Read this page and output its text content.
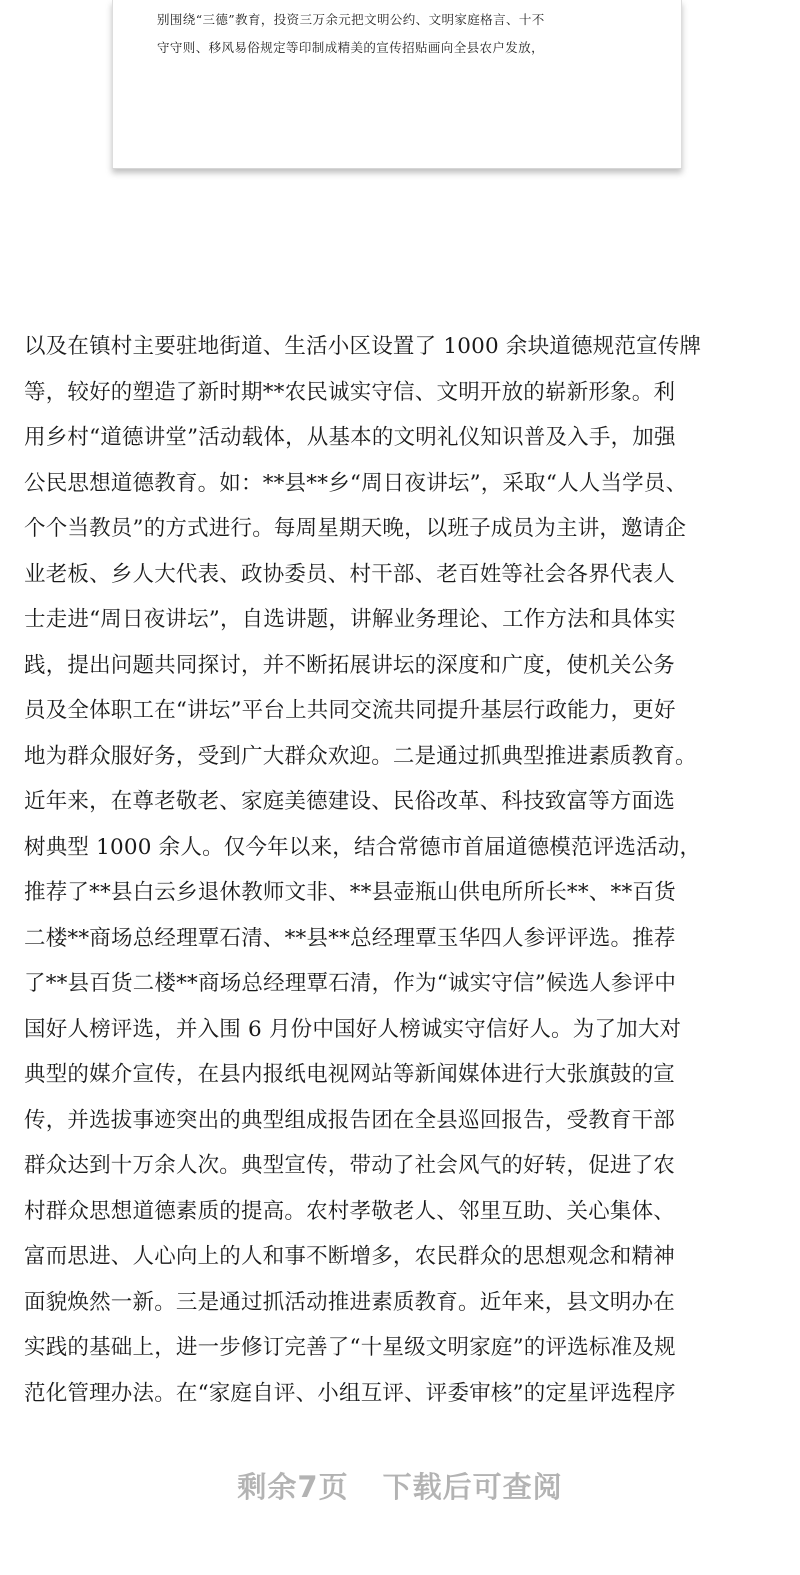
别围绕“三德”教育，投资三万余元把文明公约、文明家庭格言、十不
守守则、移风易俗规定等印制成精美的宣传招贴画向全县农户发放，
以及在镇村主要驻地街道、生活小区设置了 1000 余块道德规范宣传牌
等，较好的塑造了新时期**农民诚实守信、文明开放的崭新形象。利
用乡村“道德讲堂”活动载体，从基本的文明礼仪知识普及入手，加强
公民思想道德教育。如：**县**乡“周日夜讲坛”，采取“人人当学员、
个个当教员”的方式进行。每周星期天晚，以班子成员为主讲，邀请企
业老板、乡人大代表、政协委员、村干部、老百姓等社会各界代表人
士走进“周日夜讲坛”，自选讲题，讲解业务理论、工作方法和具体实
践，提出问题共同探讨，并不断拓展讲坛的深度和广度，使机关公务
员及全体职工在“讲坛”平台上共同交流共同提升基层行政能力，更好
地为群众服好务，受到广大群众欢迎。二是通过抓典型推进素质教育。
近年来，在尊老敬老、家庭美德建设、民俗改革、科技致富等方面选
树典型 1000 余人。仅今年以来，结合常德市首届道德模范评选活动，
推荐了**县白云乡退休教师文非、**县壶瓶山供电所所长**、**百货
二楼**商场总经理覃石清、**县**总经理覃玉华四人参评评选。推荐
了**县百货二楼**商场总经理覃石清，作为“诚实守信”候选人参评中
国好人榜评选，并入围 6 月份中国好人榜诚实守信好人。为了加大对
典型的媒介宣传，在县内报纸电视网站等新闻媒体进行大张旗鼓的宣
传，并选拔事迹突出的典型组成报告团在全县巡回报告，受教育干部
群众达到十万余人次。典型宣传，带动了社会风气的好转，促进了农
村群众思想道德素质的提高。农村孝敬老人、邻里互助、关心集体、
富而思进、人心向上的人和事不断增多，农民群众的思想观念和精神
面貌焕然一新。三是通过抓活动推进素质教育。近年来，县文明办在
实践的基础上，进一步修订完善了“十星级文明家庭”的评选标准及规
范化管理办法。在“家庭自评、小组互评、评委审核”的定星评选程序
剩余7页 下载后可查阅
